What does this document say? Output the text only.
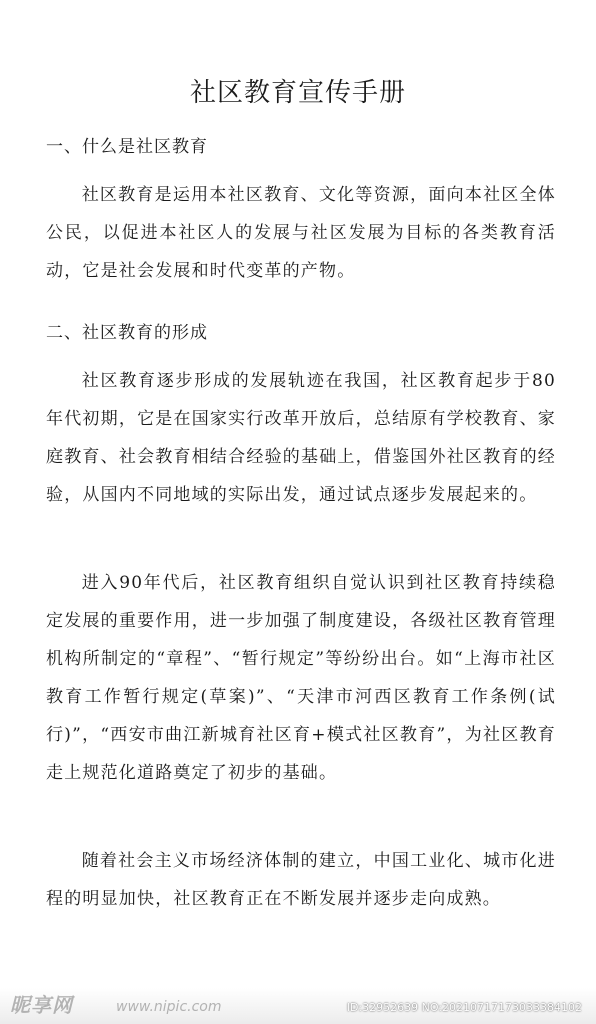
社区教育宣传手册
一、什么是社区教育

社区教育是运用本社区教育、文化等资源，面向本社区全体公民，以促进本社区人的发展与社区发展为目标的各类教育活动，它是社会发展和时代变革的产物。

二、社区教育的形成

社区教育逐步形成的发展轨迹在我国，社区教育起步于80年代初期，它是在国家实行改革开放后，总结原有学校教育、家庭教育、社会教育相结合经验的基础上，借鉴国外社区教育的经验，从国内不同地域的实际出发，通过试点逐步发展起来的。

进入90年代后，社区教育组织自觉认识到社区教育持续稳定发展的重要作用，进一步加强了制度建设，各级社区教育管理机构所制定的“章程”、“暂行规定”等纷纷出台。如“上海市社区教育工作暂行规定(草案)”、“天津市河西区教育工作条例(试行)”，“西安市曲江新城育社区育+模式社区教育”，为社区教育走上规范化道路奠定了初步的基础。

随着社会主义市场经济体制的建立，中国工业化、城市化进程的明显加快，社区教育正在不断发展并逐步走向成熟。

昵享网	www.nipic.com	ID:32952639 NO:20210717173033384102
